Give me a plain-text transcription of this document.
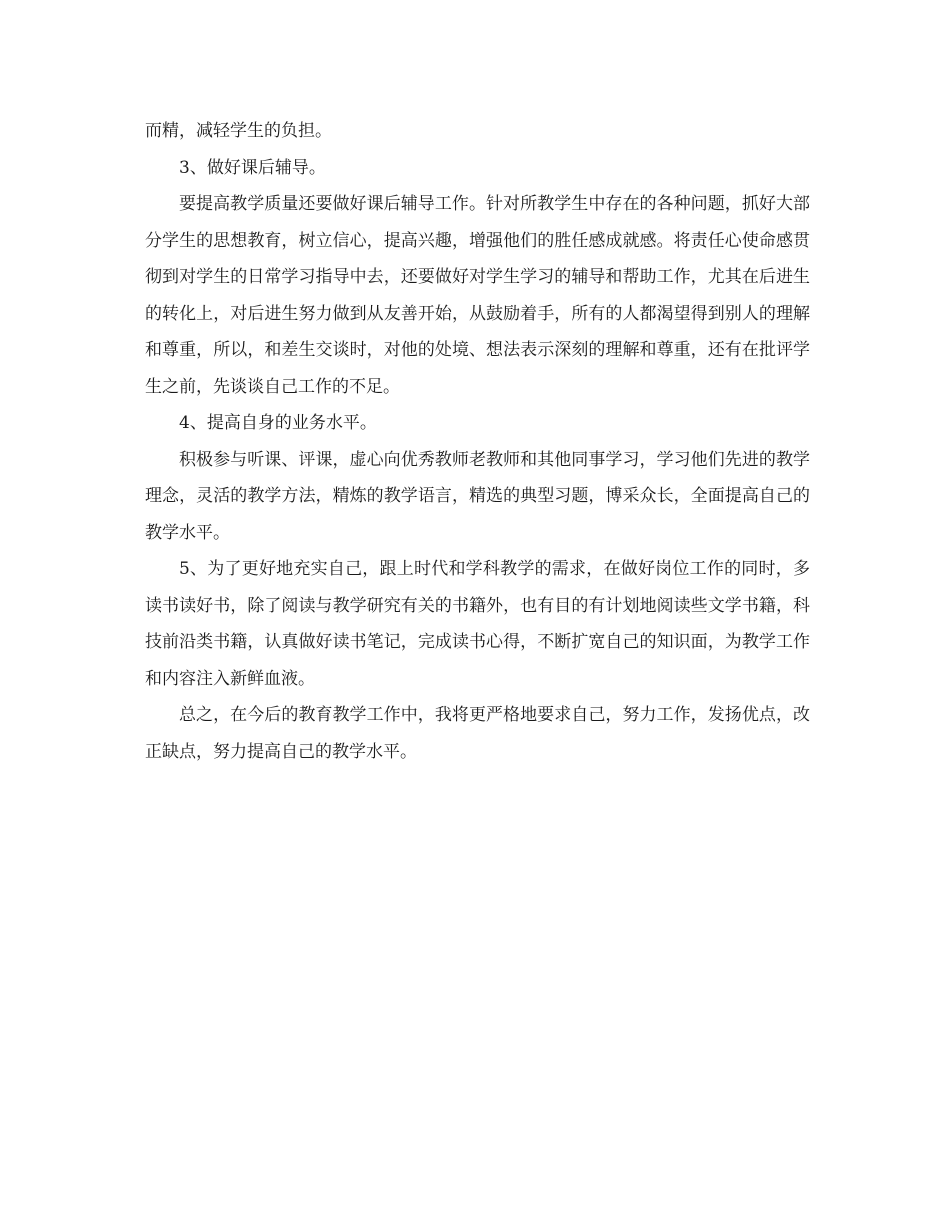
而精，减轻学生的负担。

3、做好课后辅导。

要提高教学质量还要做好课后辅导工作。针对所教学生中存在的各种问题，抓好大部分学生的思想教育，树立信心，提高兴趣，增强他们的胜任感成就感。将责任心使命感贯彻到对学生的日常学习指导中去，还要做好对学生学习的辅导和帮助工作，尤其在后进生的转化上，对后进生努力做到从友善开始，从鼓励着手，所有的人都渴望得到别人的理解和尊重，所以，和差生交谈时，对他的处境、想法表示深刻的理解和尊重，还有在批评学生之前，先谈谈自己工作的不足。

4、提高自身的业务水平。

积极参与听课、评课，虚心向优秀教师老教师和其他同事学习，学习他们先进的教学理念，灵活的教学方法，精炼的教学语言，精选的典型习题，博采众长，全面提高自己的教学水平。

5、为了更好地充实自己，跟上时代和学科教学的需求，在做好岗位工作的同时，多读书读好书，除了阅读与教学研究有关的书籍外，也有目的有计划地阅读些文学书籍，科技前沿类书籍，认真做好读书笔记，完成读书心得，不断扩宽自己的知识面，为教学工作和内容注入新鲜血液。

总之，在今后的教育教学工作中，我将更严格地要求自己，努力工作，发扬优点，改正缺点，努力提高自己的教学水平。
